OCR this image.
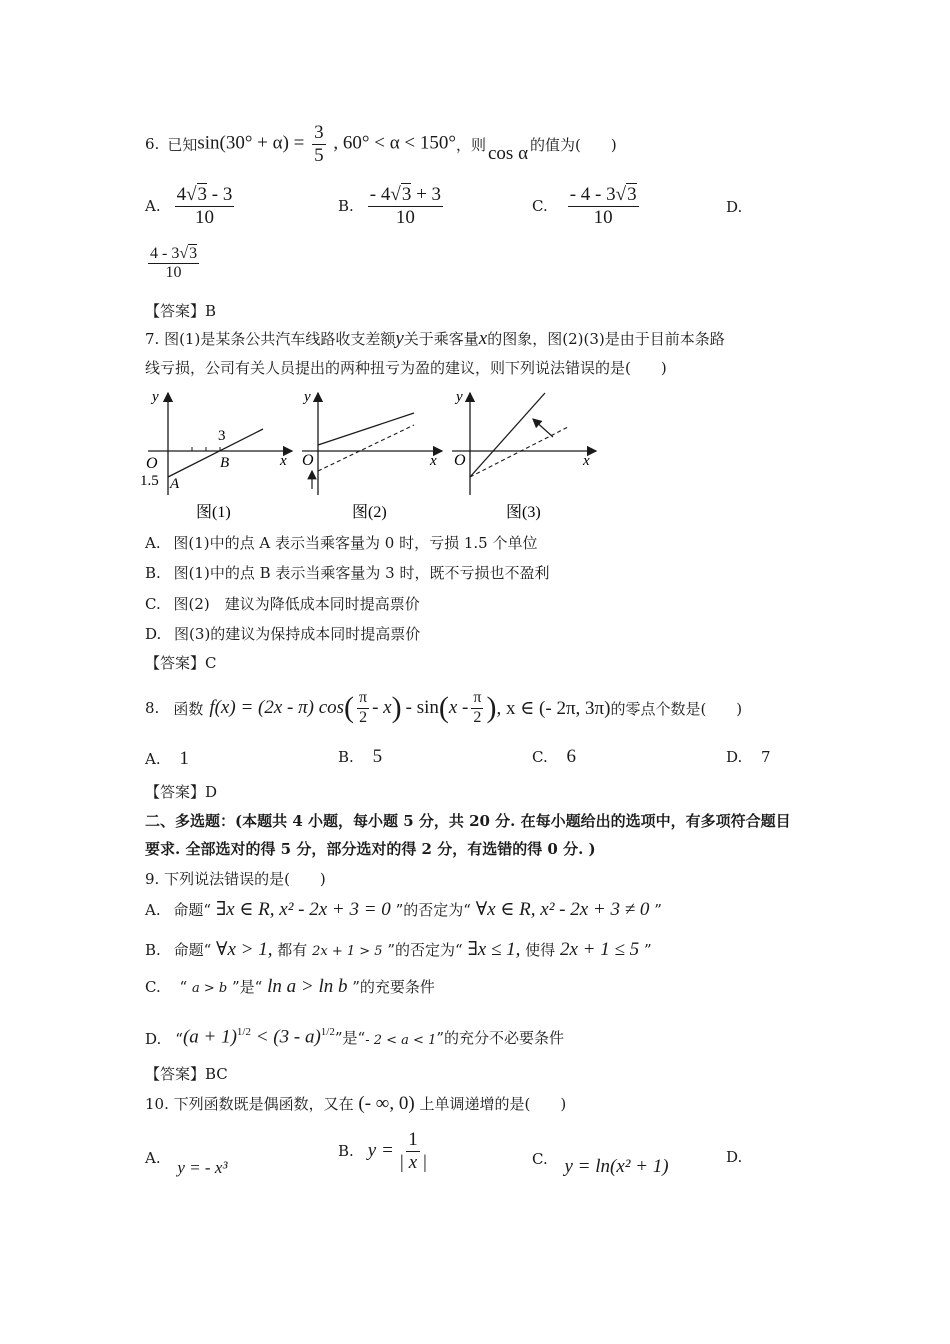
6. 已知 $\sin(30^\circ + \alpha) = \frac{3}{5}$ , 60° < α < 150° ，则 cos α 的值为(　　)
A. $\frac{4√3 - 3}{10}$	B. $\frac{- 4√3 + 3}{10}$	C. $\frac{- 4 - 3√3}{10}$	D.
$\frac{4 - 3√3}{10}$
【答案】B
7. 图(1)是某条公共汽车线路收支差额y关于乘客量x的图象，图(2)(3)是由于目前本条路
线亏损，公司有关人员提出的两种扭亏为盈的建议，则下列说法错误的是(　　)
y
x
O
3
B
1.5 A
y
x
O
y
x
O
图(1)	图(2)	图(3)
A. 图(1)中的点 A 表示当乘客量为 0 时，亏损 1.5 个单位
B. 图(1)中的点 B 表示当乘客量为 3 时，既不亏损也不盈利
C. 图(2)　建议为降低成本同时提高票价
D. 图(3)的建议为保持成本同时提高票价
【答案】C
8. 函数 f(x) = (2x - π) cos ( $\frac{\pi}{2}$ - x ) - sin ( x - $\frac{\pi}{2}$ ) , x ∈ (- 2π, 3π) 的零点个数是(　　)
A. 1	B. 5	C. 6	D. 7
【答案】D
二、多选题：(本题共 4 小题，每小题 5 分，共 20 分. 在每小题给出的选项中，有多项符合题目
要求. 全部选对的得 5 分，部分选对的得 2 分，有选错的得 0 分. )
9. 下列说法错误的是(　　)
A. 命题“ ∃x ∈ R, x² - 2x + 3 = 0 ”的否定为“ ∀x ∈ R, x² - 2x + 3 ≠ 0 ”
B. 命题“ ∀x > 1, 都有 2x + 1 > 5 ”的否定为“ ∃x ≤ 1, 使得 2x + 1 ≤ 5 ”
C. “ a > b ”是“ ln a > ln b ”的充要条件
D. “ $(a + 1)^{1/2} < (3 - a)^{1/2}$ ”是“ - 2 < a < 1 ”的充分不必要条件
【答案】BC
10. 下列函数既是偶函数，又在 (- ∞, 0) 上单调递增的是(　　)
A. y = - x³
B. $y = \frac{1}{| x |}$	C. y = ln(x² + 1)	D.
